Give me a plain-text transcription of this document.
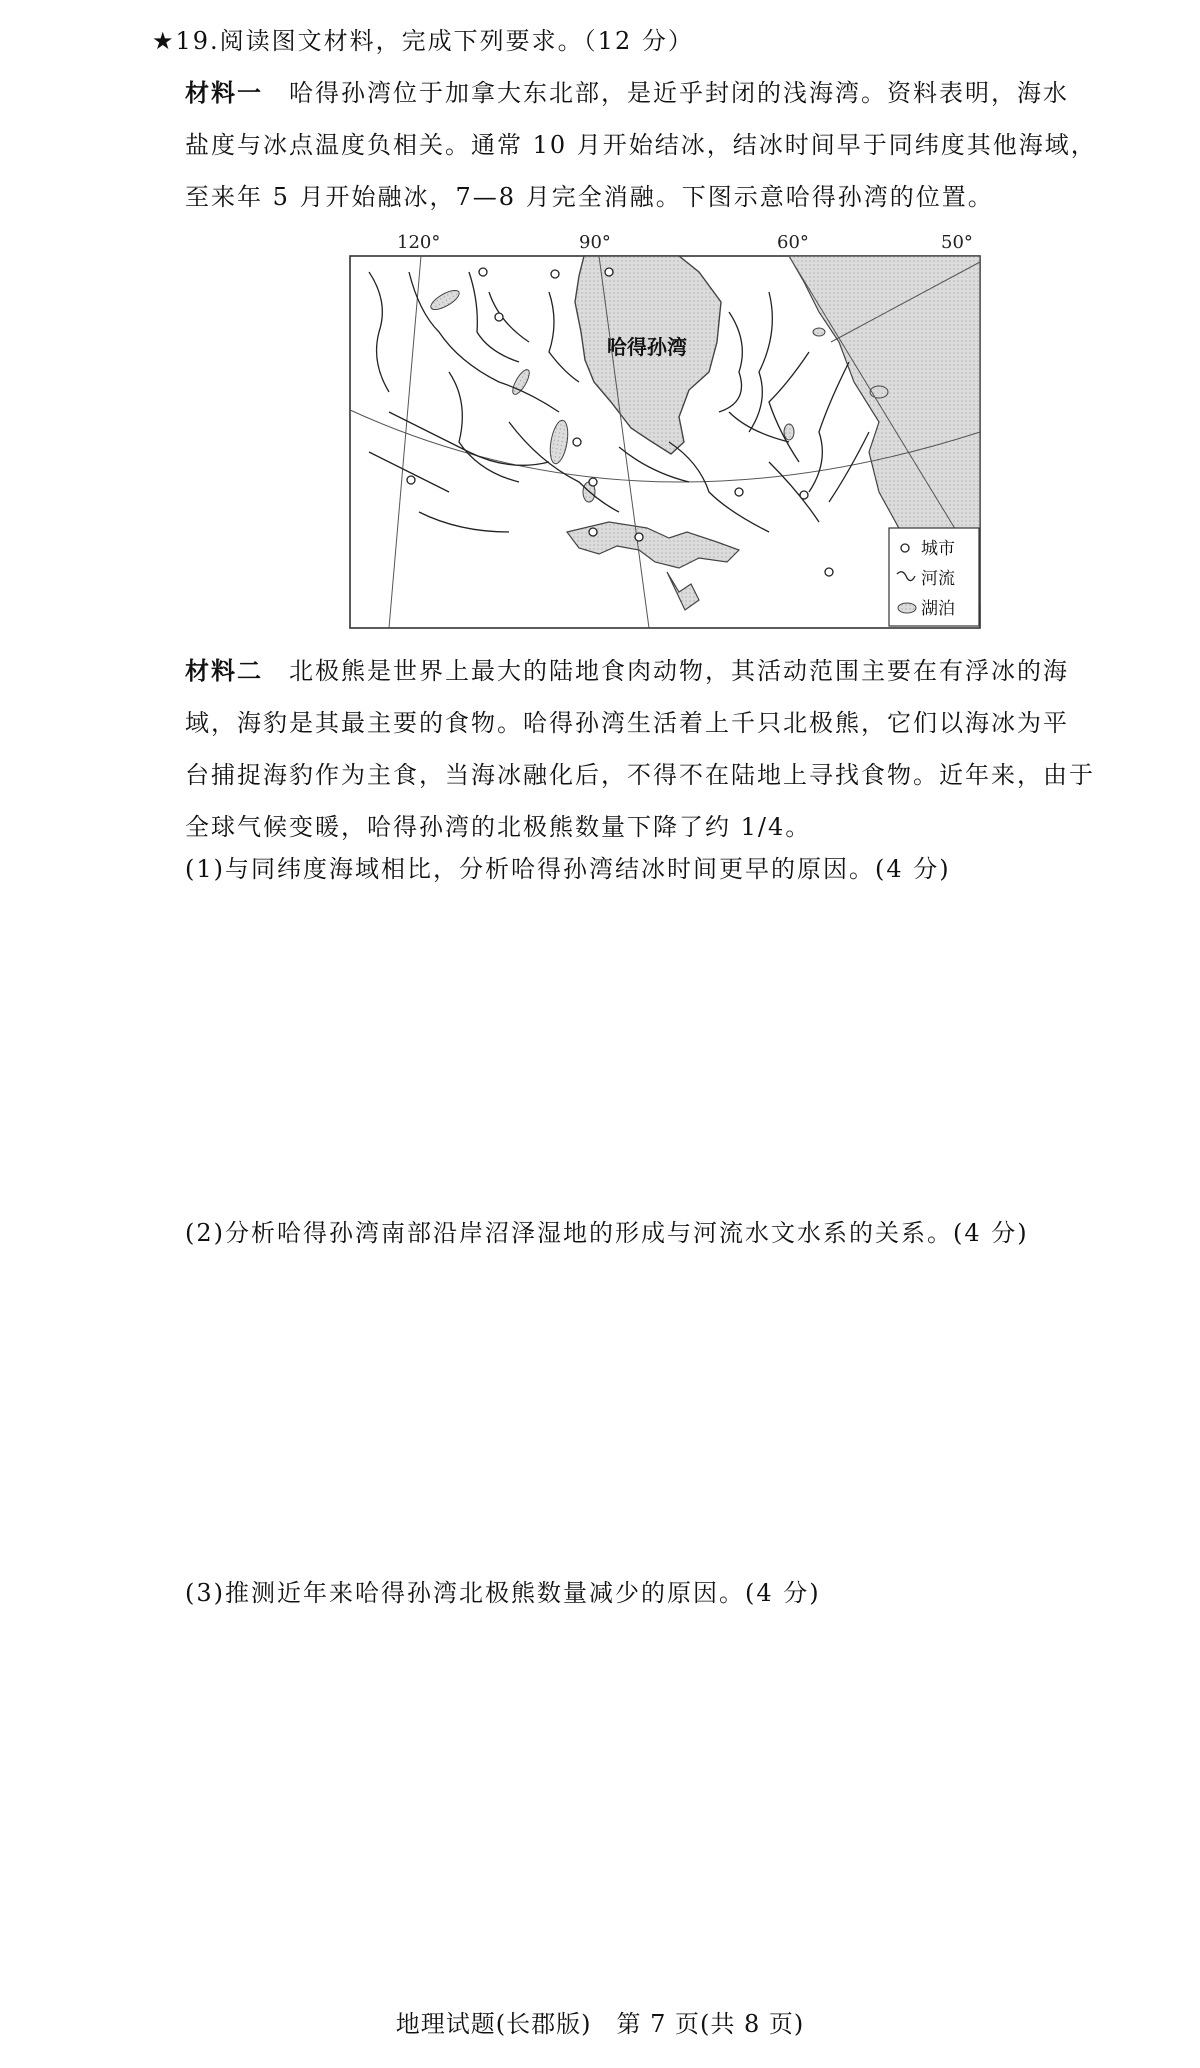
★19.阅读图文材料，完成下列要求。（12 分）
材料一 哈得孙湾位于加拿大东北部，是近乎封闭的浅海湾。资料表明，海水
盐度与冰点温度负相关。通常 10 月开始结冰，结冰时间早于同纬度其他海域，
至来年 5 月开始融冰，7—8 月完全消融。下图示意哈得孙湾的位置。
120°	90°	60°	50°
哈得孙湾
城市
河流
湖泊
材料二 北极熊是世界上最大的陆地食肉动物，其活动范围主要在有浮冰的海
域，海豹是其最主要的食物。哈得孙湾生活着上千只北极熊，它们以海冰为平
台捕捉海豹作为主食，当海冰融化后，不得不在陆地上寻找食物。近年来，由于
全球气候变暖，哈得孙湾的北极熊数量下降了约 1/4。
(1)与同纬度海域相比，分析哈得孙湾结冰时间更早的原因。(4 分)
(2)分析哈得孙湾南部沿岸沼泽湿地的形成与河流水文水系的关系。(4 分)
(3)推测近年来哈得孙湾北极熊数量减少的原因。(4 分)
地理试题(长郡版)　第 7 页(共 8 页)
